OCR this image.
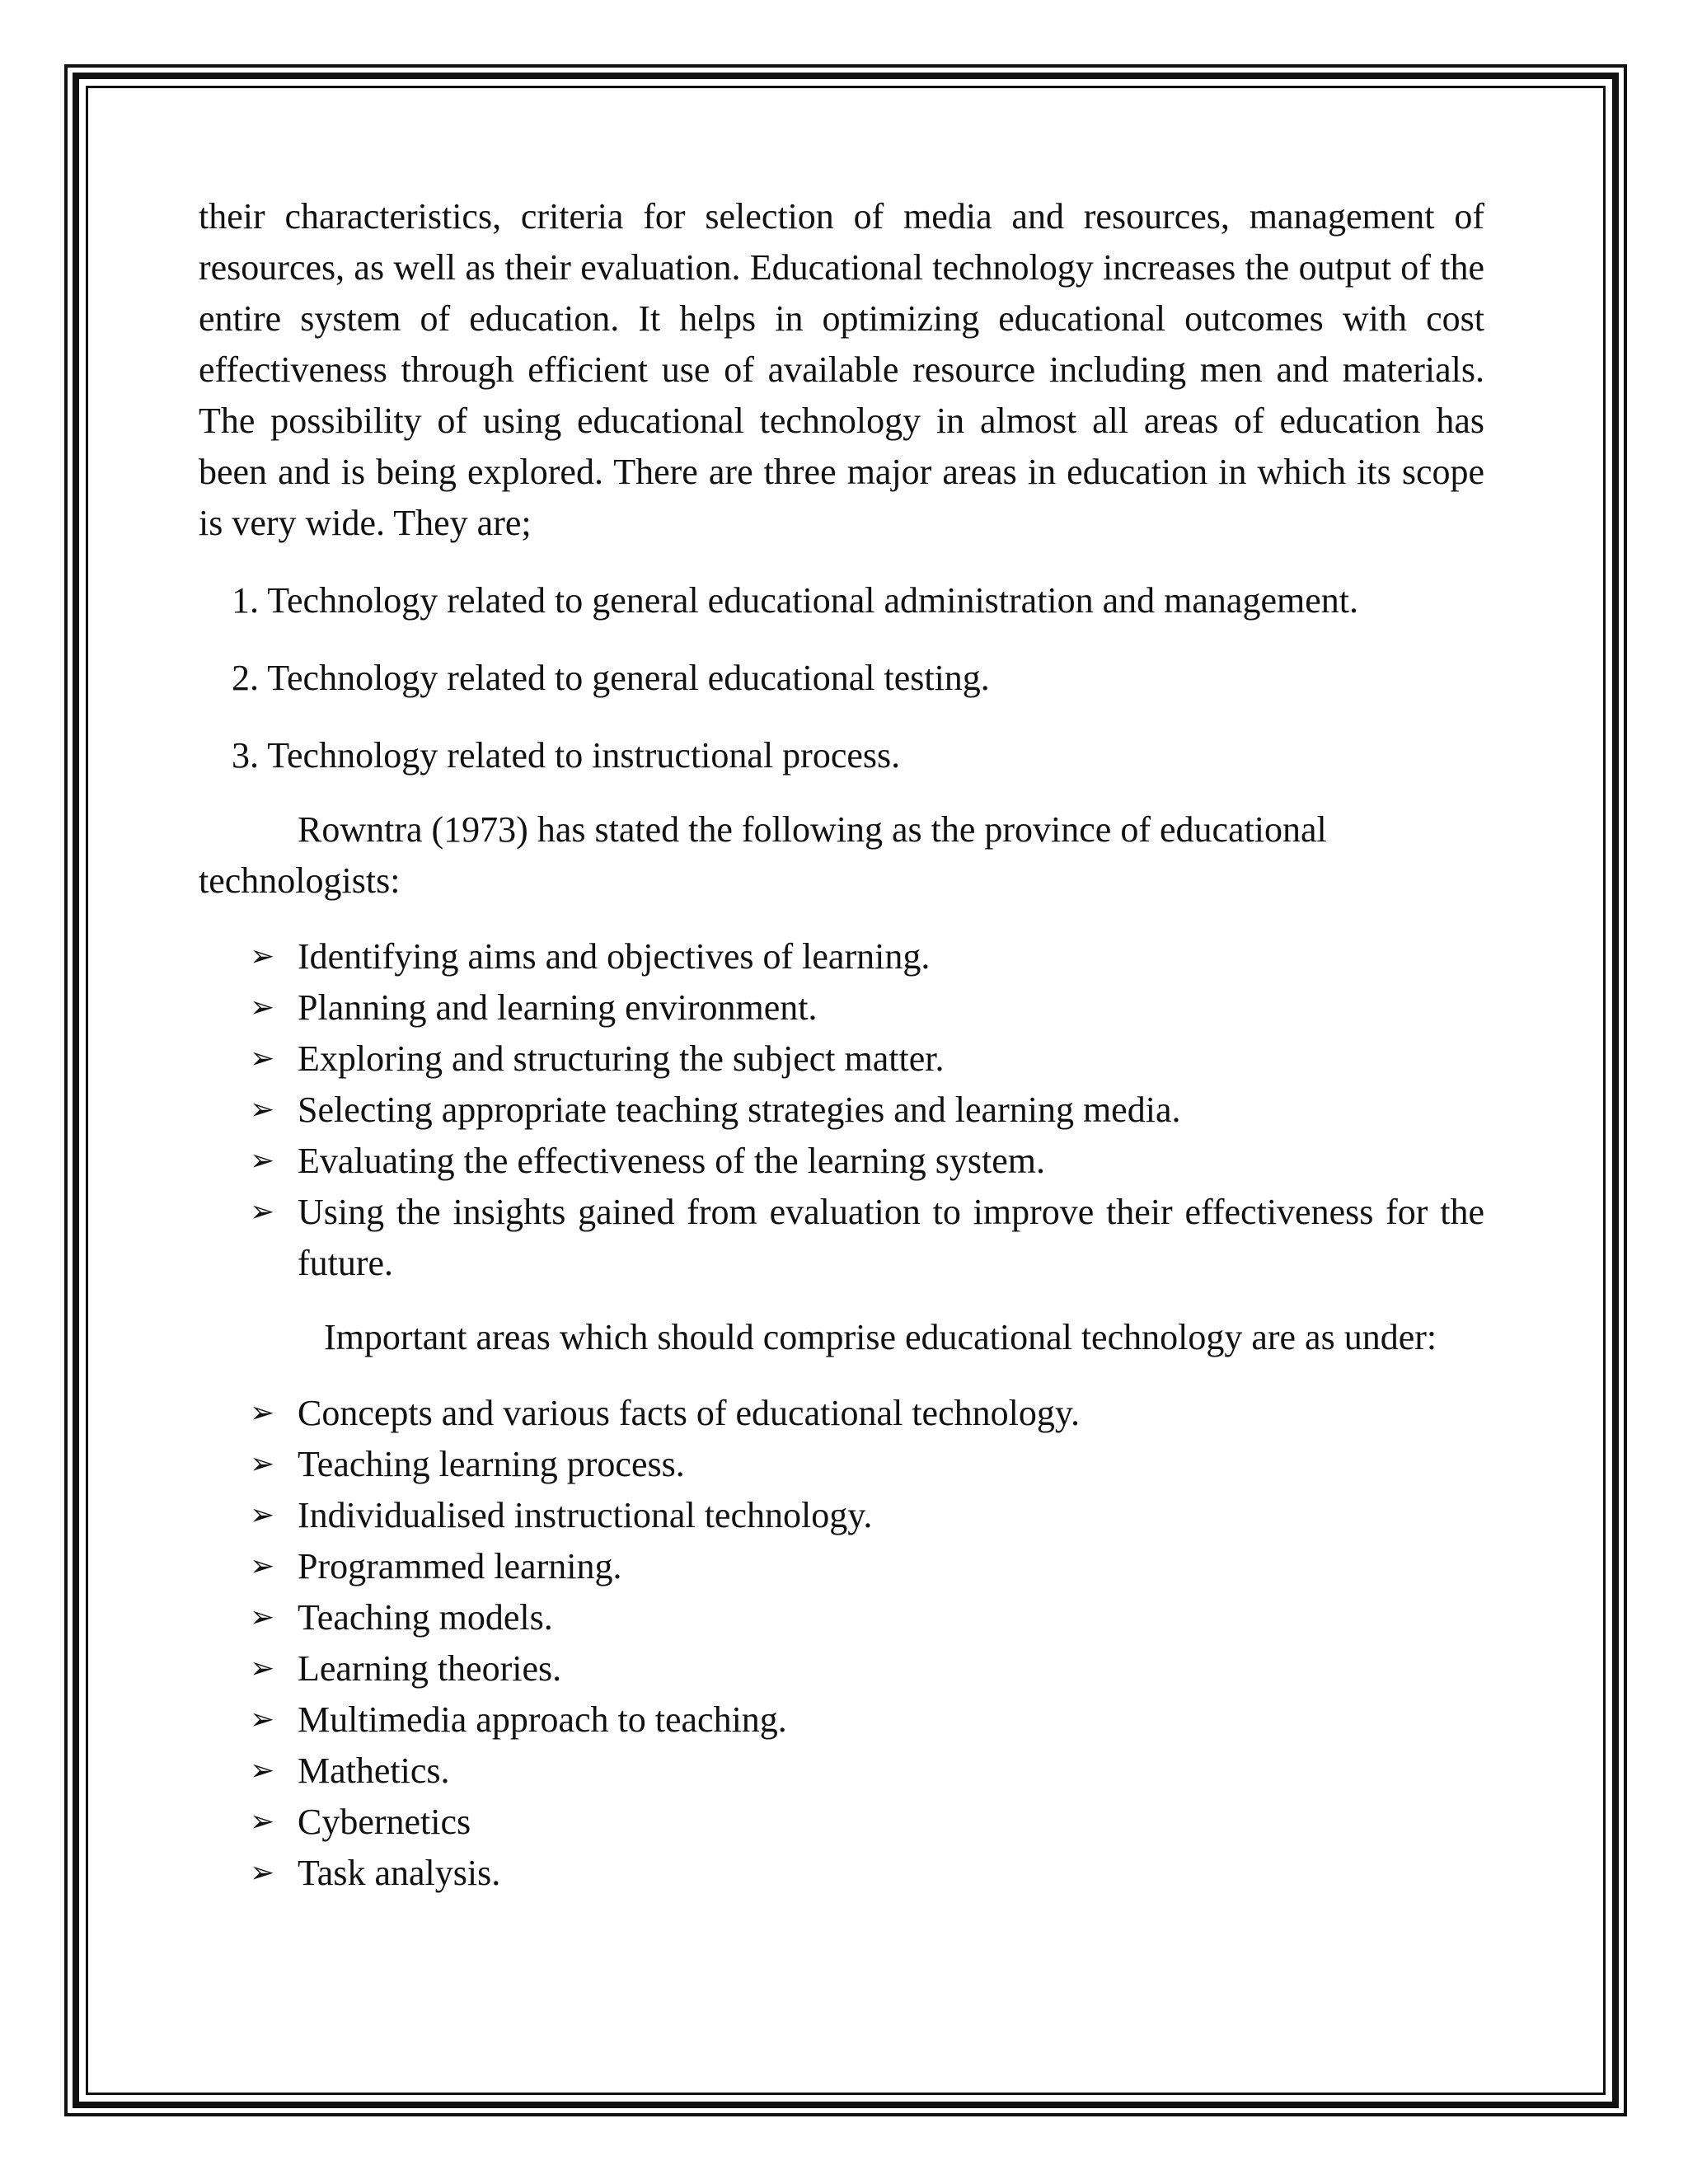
their characteristics, criteria for selection of media and resources, management of resources, as well as their evaluation. Educational technology increases the output of the entire system of education. It helps in optimizing educational outcomes with cost effectiveness through efficient use of available resource including men and materials. The possibility of using educational technology in almost all areas of education has been and is being explored. There are three major areas in education in which its scope is very wide. They are;

1. Technology related to general educational administration and management.
2. Technology related to general educational testing.
3. Technology related to instructional process.

Rowntra (1973) has stated the following as the province of educational technologists:

➢ Identifying aims and objectives of learning.
➢ Planning and learning environment.
➢ Exploring and structuring the subject matter.
➢ Selecting appropriate teaching strategies and learning media.
➢ Evaluating the effectiveness of the learning system.
➢ Using the insights gained from evaluation to improve their effectiveness for the future.

Important areas which should comprise educational technology are as under:

➢ Concepts and various facts of educational technology.
➢ Teaching learning process.
➢ Individualised instructional technology.
➢ Programmed learning.
➢ Teaching models.
➢ Learning theories.
➢ Multimedia approach to teaching.
➢ Mathetics.
➢ Cybernetics
➢ Task analysis.
